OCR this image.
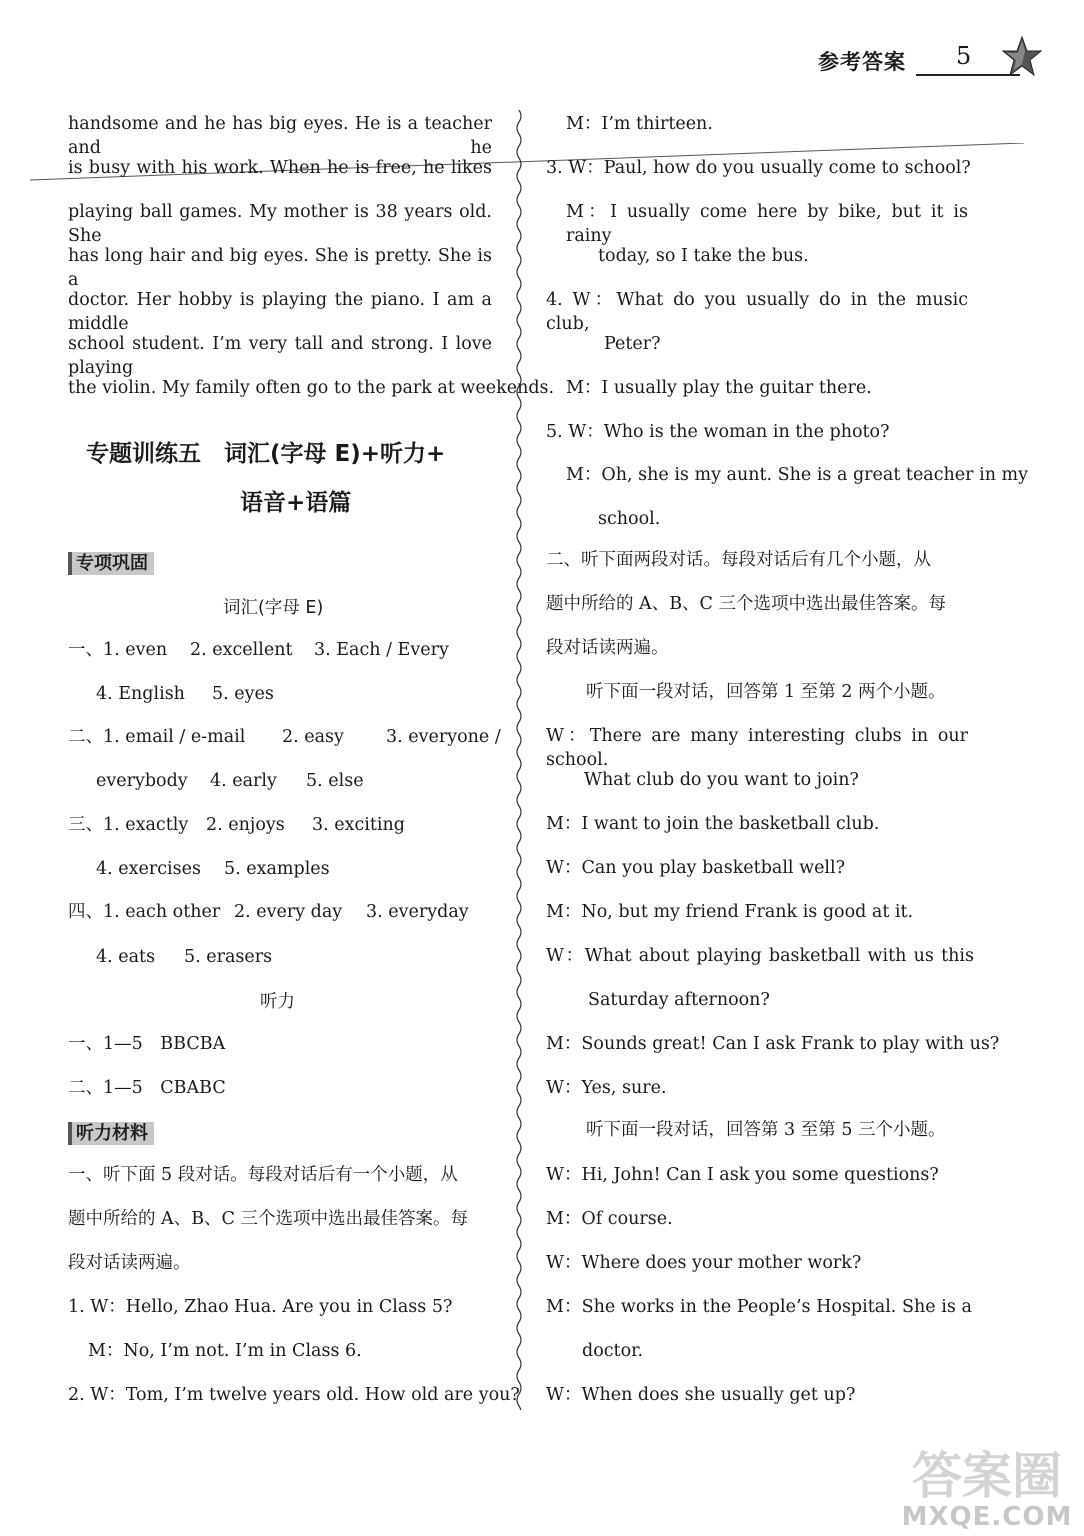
参考答案 5
handsome and he has big eyes. He is a teacher and he
is busy with his work. When he is free, he likes
playing ball games. My mother is 38 years old. She
has long hair and big eyes. She is pretty. She is a
doctor. Her hobby is playing the piano. I am a middle
school student. I’m very tall and strong. I love playing
the violin. My family often go to the park at weekends.
专题训练五　词汇(字母 E)+听力+
语音+语篇
专项巩固
词汇(字母 E)
一、1. even 2. excellent 3. Each / Every
4. English 5. eyes
二、1. email / e-mail 2. easy 3. everyone /
everybody 4. early 5. else
三、1. exactly 2. enjoys 3. exciting
4. exercises 5. examples
四、1. each other 2. every day 3. everyday
4. eats 5. erasers
听力
一、1—5　BBCBA
二、1—5　CBABC
听力材料
一、听下面 5 段对话。每段对话后有一个小题，从
题中所给的 A、B、C 三个选项中选出最佳答案。每
段对话读两遍。
1. W：Hello, Zhao Hua. Are you in Class 5?
M：No, I’m not. I’m in Class 6.
2. W：Tom, I’m twelve years old. How old are you?
M：I’m thirteen.
3. W：Paul, how do you usually come to school?
M：I usually come here by bike, but it is rainy
today, so I take the bus.
4. W：What do you usually do in the music club,
Peter?
M：I usually play the guitar there.
5. W：Who is the woman in the photo?
M：Oh, she is my aunt. She is a great teacher in my
school.
二、听下面两段对话。每段对话后有几个小题，从
题中所给的 A、B、C 三个选项中选出最佳答案。每
段对话读两遍。
听下面一段对话，回答第 1 至第 2 两个小题。
W：There are many interesting clubs in our school.
What club do you want to join?
M：I want to join the basketball club.
W：Can you play basketball well?
M：No, but my friend Frank is good at it.
W：What about playing basketball with us this
Saturday afternoon?
M：Sounds great! Can I ask Frank to play with us?
W：Yes, sure.
听下面一段对话，回答第 3 至第 5 三个小题。
W：Hi, John! Can I ask you some questions?
M：Of course.
W：Where does your mother work?
M：She works in the People’s Hospital. She is a
doctor.
W：When does she usually get up?
答案圈
MXQE.COM
